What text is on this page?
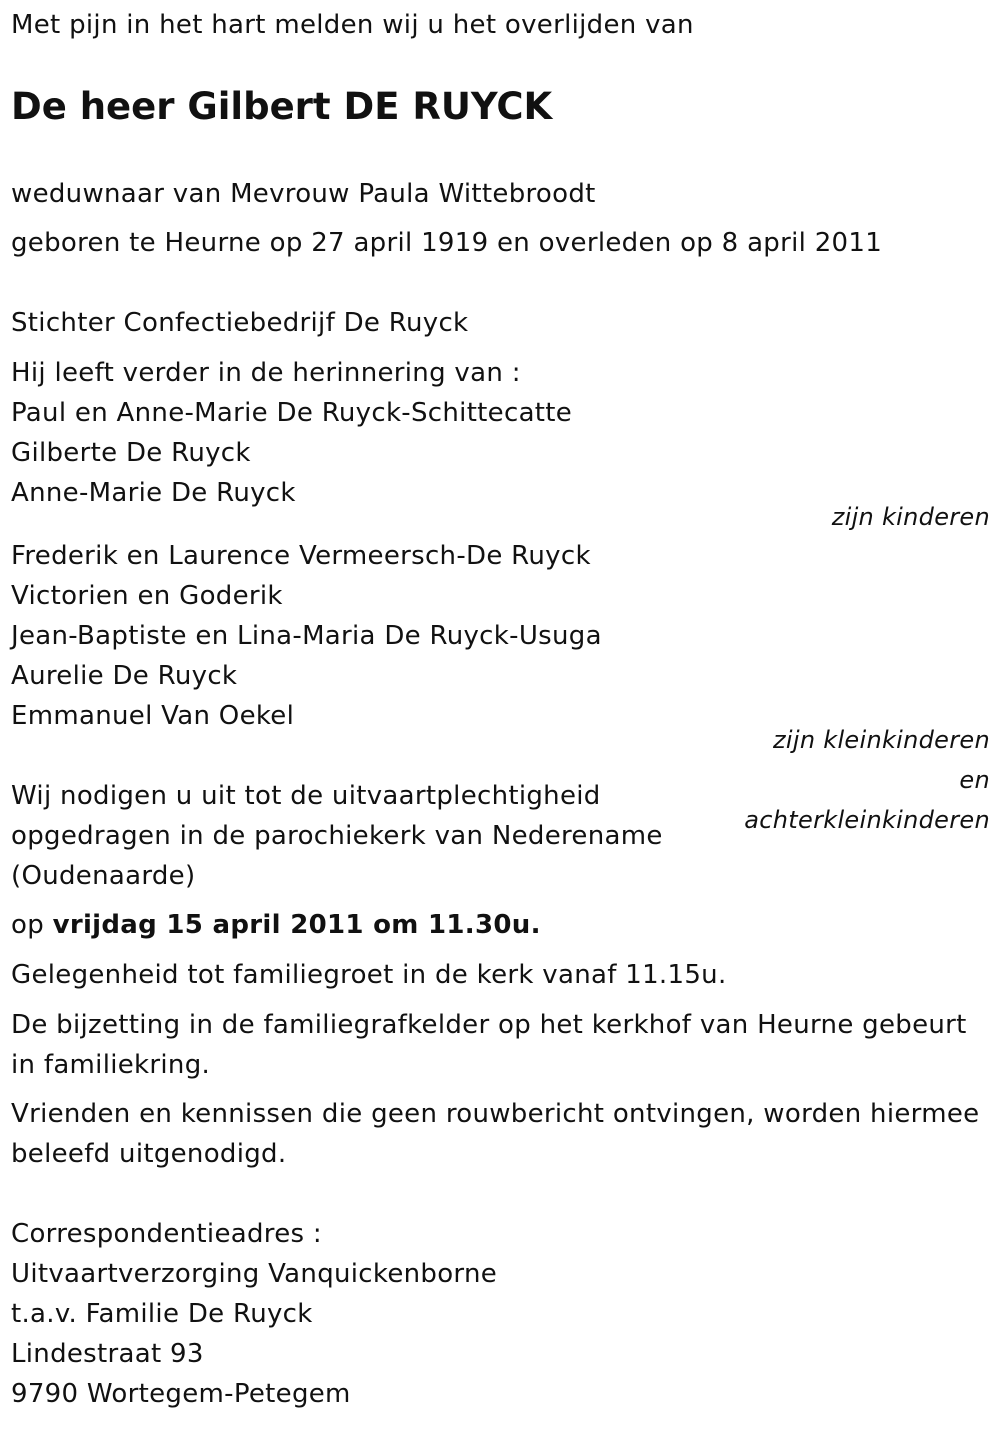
Met pijn in het hart melden wij u het overlijden van

De heer Gilbert DE RUYCK

weduwnaar van Mevrouw Paula Wittebroodt

geboren te Heurne op 27 april 1919 en overleden op 8 april 2011

Stichter Confectiebedrijf De Ruyck

Hij leeft verder in de herinnering van :

Paul en Anne-Marie De Ruyck-Schittecatte

Gilberte De Ruyck

Anne-Marie De Ruyck

zijn kinderen

Frederik en Laurence Vermeersch-De Ruyck

Victorien en Goderik

Jean-Baptiste en Lina-Maria De Ruyck-Usuga

Aurelie De Ruyck

Emmanuel Van Oekel

zijn kleinkinderen
en
achterkleinkinderen

Wij nodigen u uit tot de uitvaartplechtigheid

opgedragen in de parochiekerk van Nederename

(Oudenaarde)

op vrijdag 15 april 2011 om 11.30u.

Gelegenheid tot familiegroet in de kerk vanaf 11.15u.

De bijzetting in de familiegrafkelder op het kerkhof van Heurne gebeurt

in familiekring.

Vrienden en kennissen die geen rouwbericht ontvingen, worden hiermee

beleefd uitgenodigd.

Correspondentieadres :

Uitvaartverzorging Vanquickenborne

t.a.v. Familie De Ruyck

Lindestraat 93

9790 Wortegem-Petegem
